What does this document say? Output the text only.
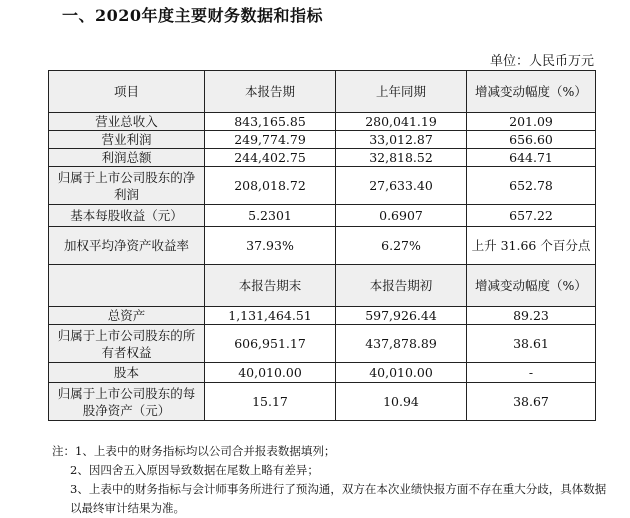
一、2020年度主要财务数据和指标
单位：人民币万元
项目	本报告期	上年同期	增减变动幅度（%）
营业总收入	843,165.85	280,041.19	201.09
营业利润	249,774.79	33,012.87	656.60
利润总额	244,402.75	32,818.52	644.71
归属于上市公司股东的净利润	208,018.72	27,633.40	652.78
基本每股收益（元）	5.2301	0.6907	657.22
加权平均净资产收益率	37.93%	6.27%	上升 31.66 个百分点
	本报告期末	本报告期初	增减变动幅度（%）
总资产	1,131,464.51	597,926.44	89.23
归属于上市公司股东的所有者权益	606,951.17	437,878.89	38.61
股本	40,010.00	40,010.00	-
归属于上市公司股东的每股净资产（元）	15.17	10.94	38.67

注：1、上表中的财务指标均以公司合并报表数据填列；

2、因四舍五入原因导致数据在尾数上略有差异；

3、上表中的财务指标与会计师事务所进行了预沟通，双方在本次业绩快报方面不存在重大分歧，具体数据以最终审计结果为准。
